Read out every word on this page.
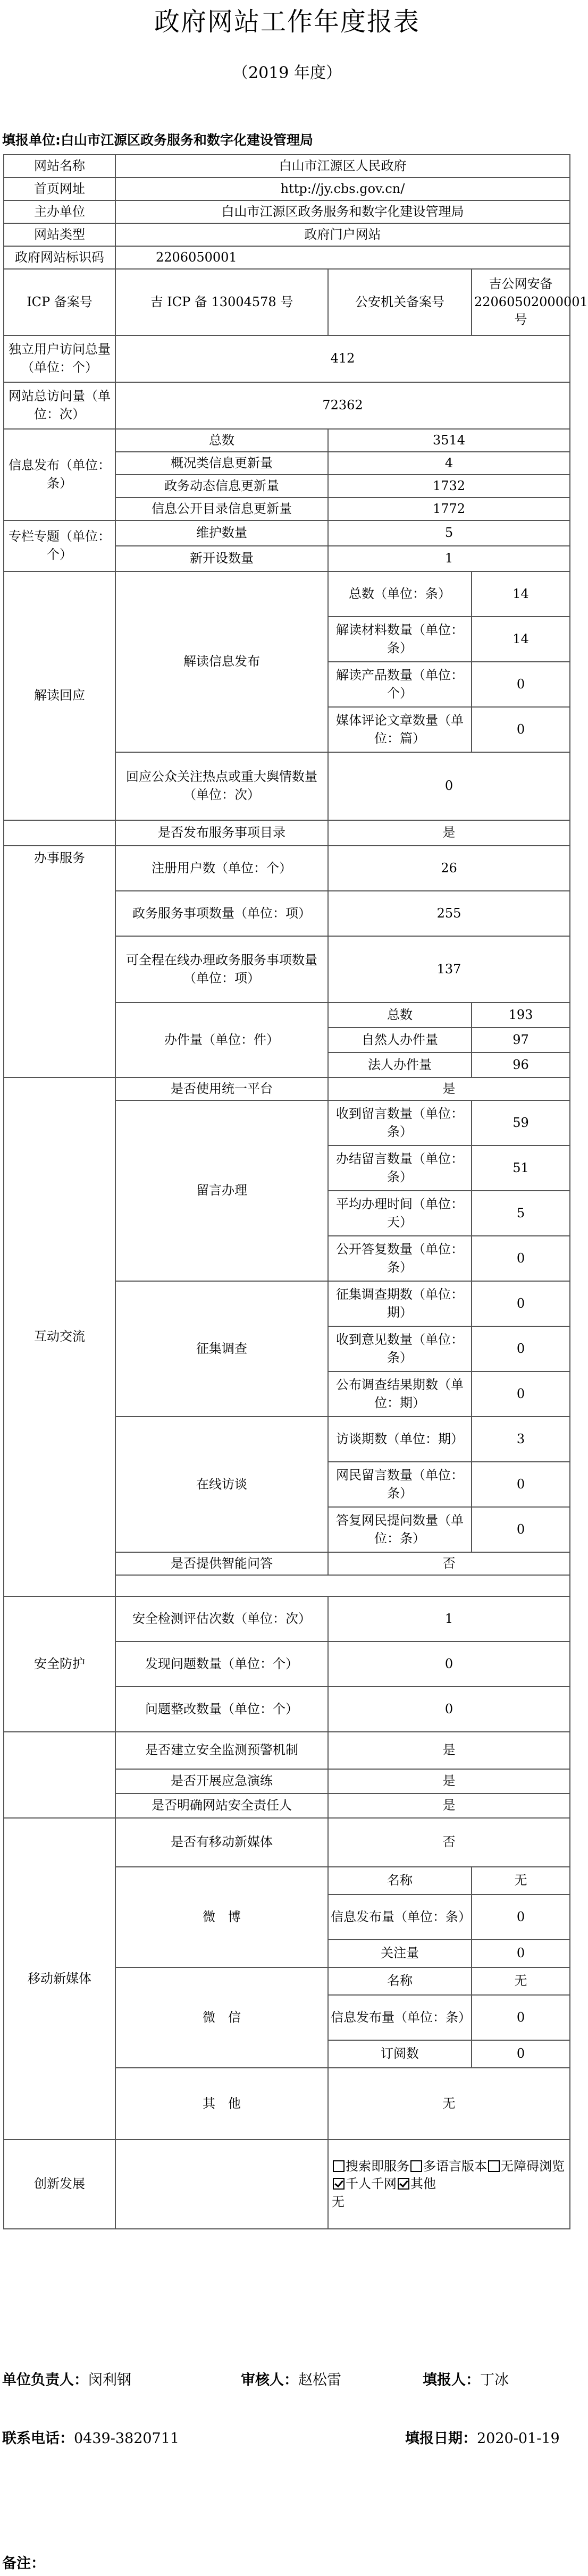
政府网站工作年度报表
（2019 年度）
填报单位:白山市江源区政务服务和数字化建设管理局
网站名称	白山市江源区人民政府		
首页网址	http://jy.cbs.gov.cn/		
主办单位	白山市江源区政务服务和数字化建设管理局		
网站类型	政府门户网站		
政府网站标识码	2206050001		
ICP 备案号	吉 ICP 备 13004578 号	公安机关备案号	吉公网安备22060502000001 号
独立用户访问总量（单位：个）	412		
网站总访问量（单位：次）	72362		
信息发布（单位：条）	总数	3514	
	概况类信息更新量	4	
	政务动态信息更新量	1732	
	信息公开目录信息更新量	1772	
专栏专题（单位：个）	维护数量	5	
	新开设数量	1	
解读回应	解读信息发布	总数（单位：条）	14
		解读材料数量（单位：条）	14
		解读产品数量（单位：个）	0
		媒体评论文章数量（单位：篇）	0
	回应公众关注热点或重大舆情数量（单位：次）	0	
	是否发布服务事项目录	是	
办事服务	注册用户数（单位：个）	26	
	政务服务事项数量（单位：项）	255	
	可全程在线办理政务服务事项数量（单位：项）	137	
	办件量（单位：件）	总数	193
		自然人办件量	97
		法人办件量	96
互动交流	是否使用统一平台	是	
	留言办理	收到留言数量（单位：条）	59
		办结留言数量（单位：条）	51
		平均办理时间（单位：天）	5
		公开答复数量（单位：条）	0
	征集调查	征集调查期数（单位：期）	0
		收到意见数量（单位：条）	0
		公布调查结果期数（单位：期）	0
	在线访谈	访谈期数（单位：期）	3
		网民留言数量（单位：条）	0
		答复网民提问数量（单位：条）	0
	是否提供智能问答	否	

安全防护	安全检测评估次数（单位：次）	1	
	发现问题数量（单位：个）	0	
	问题整改数量（单位：个）	0	
	是否建立安全监测预警机制	是	
	是否开展应急演练	是	
	是否明确网站安全责任人	是	
移动新媒体	是否有移动新媒体	否	
	微　博	名称	无
		信息发布量（单位：条）	0
		关注量	0
	微　信	名称	无
		信息发布量（单位：条）	0
		订阅数	0
	其　他	无	
创新发展		搜索即服务 多语言版本 无障碍浏览千人千网 其他
无	
单位负责人：闵利钢	审核人：赵松雷	填报人：丁冰
联系电话：0439-3820711	填报日期：2020-01-19
备注：
